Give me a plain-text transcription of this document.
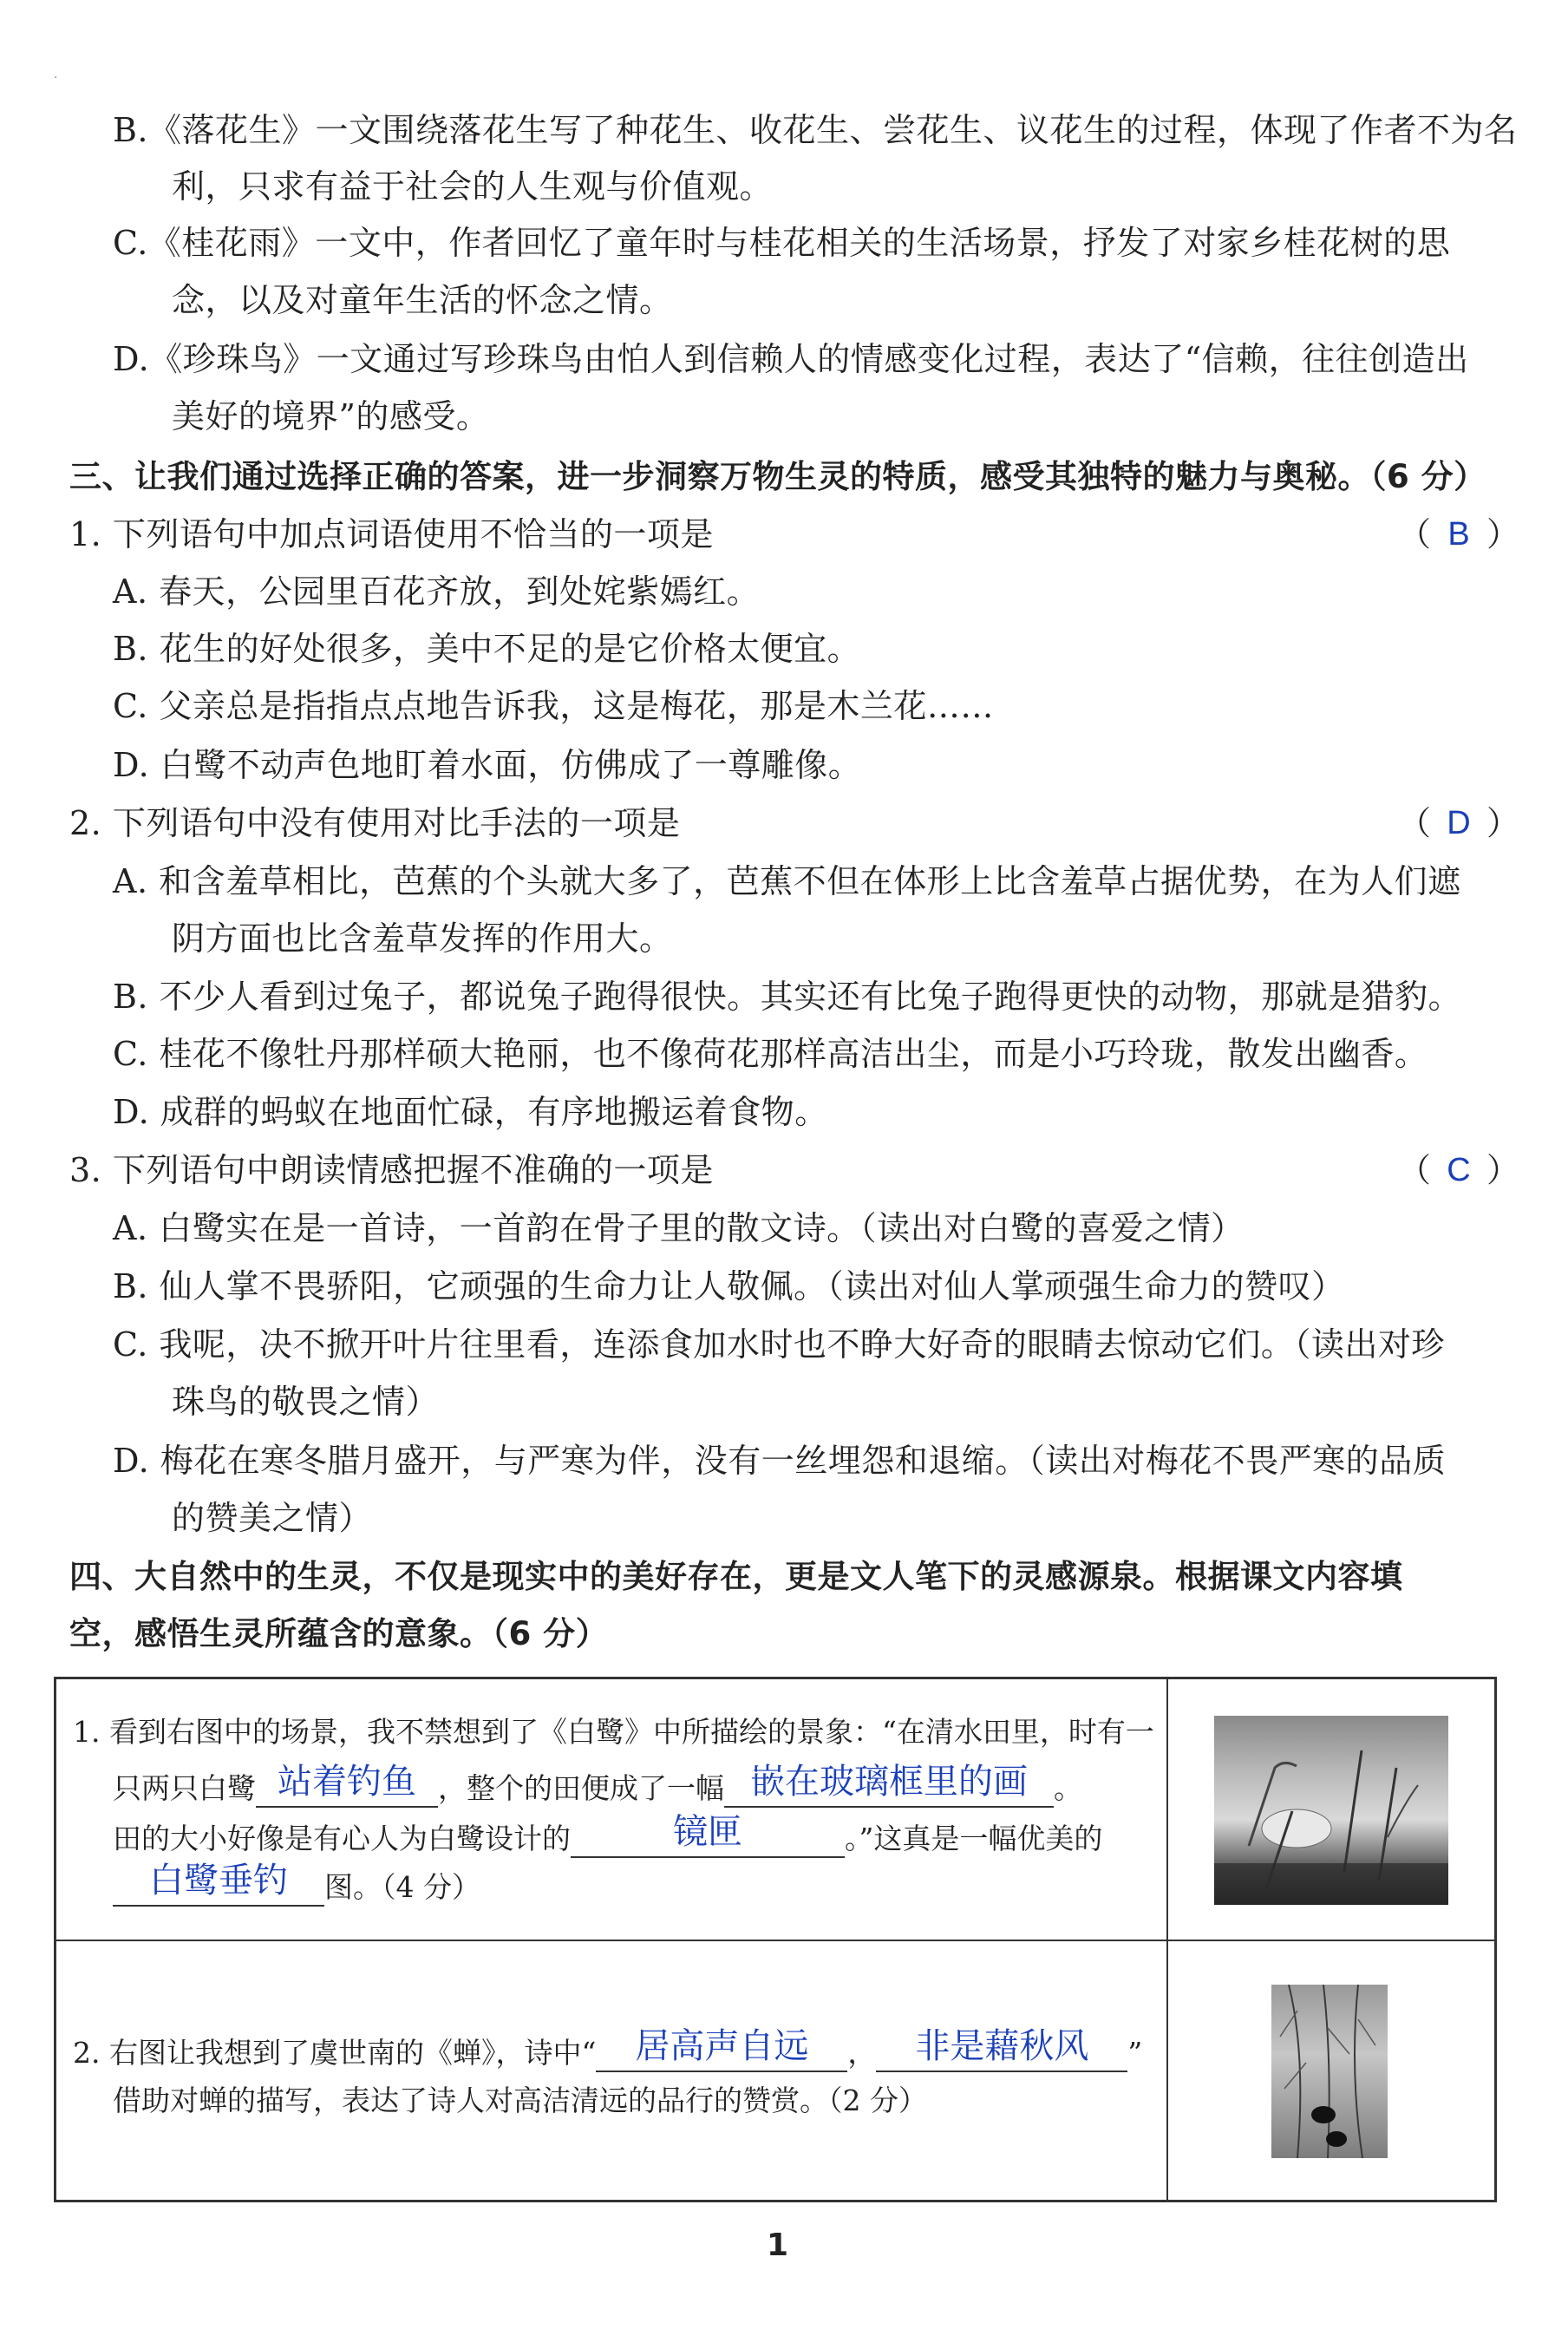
·
B.《落花生》一文围绕落花生写了种花生、收花生、尝花生、议花生的过程，体现了作者不为名
利，只求有益于社会的人生观与价值观。
C.《桂花雨》一文中，作者回忆了童年时与桂花相关的生活场景，抒发了对家乡桂花树的思
念，以及对童年生活的怀念之情。
D.《珍珠鸟》一文通过写珍珠鸟由怕人到信赖人的情感变化过程，表达了“信赖，往往创造出
美好的境界”的感受。
三、让我们通过选择正确的答案，进一步洞察万物生灵的特质，感受其独特的魅力与奥秘。（6 分）
1. 下列语句中加点词语使用不恰当的一项是	（ B ）
A. 春天，公园里百花齐放，到处姹紫嫣红。
B. 花生的好处很多，美中不足的是它价格太便宜。
C. 父亲总是指指点点地告诉我，这是梅花，那是木兰花……
D. 白鹭不动声色地盯着水面，仿佛成了一尊雕像。
2. 下列语句中没有使用对比手法的一项是	（ D ）
A. 和含羞草相比，芭蕉的个头就大多了，芭蕉不但在体形上比含羞草占据优势，在为人们遮
阴方面也比含羞草发挥的作用大。
B. 不少人看到过兔子，都说兔子跑得很快。其实还有比兔子跑得更快的动物，那就是猎豹。
C. 桂花不像牡丹那样硕大艳丽，也不像荷花那样高洁出尘，而是小巧玲珑，散发出幽香。
D. 成群的蚂蚁在地面忙碌，有序地搬运着食物。
3. 下列语句中朗读情感把握不准确的一项是	（ C ）
A. 白鹭实在是一首诗，一首韵在骨子里的散文诗。（读出对白鹭的喜爱之情）
B. 仙人掌不畏骄阳，它顽强的生命力让人敬佩。（读出对仙人掌顽强生命力的赞叹）
C. 我呢，决不掀开叶片往里看，连添食加水时也不睁大好奇的眼睛去惊动它们。（读出对珍
珠鸟的敬畏之情）
D. 梅花在寒冬腊月盛开，与严寒为伴，没有一丝埋怨和退缩。（读出对梅花不畏严寒的品质
的赞美之情）
四、大自然中的生灵，不仅是现实中的美好存在，更是文人笔下的灵感源泉。根据课文内容填
空，感悟生灵所蕴含的意象。（6 分）
1. 看到右图中的场景，我不禁想到了《白鹭》中所描绘的景象：“在清水田里，时有一
只两只白鹭 站着钓鱼 ，整个的田便成了一幅 嵌在玻璃框里的画 。
田的大小好像是有心人为白鹭设计的	镜匣	。”这真是一幅优美的
白鹭垂钓	图。（4 分）
2. 右图让我想到了虞世南的《蝉》，诗中“	居高声自远	，	非是藉秋风	”
借助对蝉的描写，表达了诗人对高洁清远的品行的赞赏。（2 分）
1
